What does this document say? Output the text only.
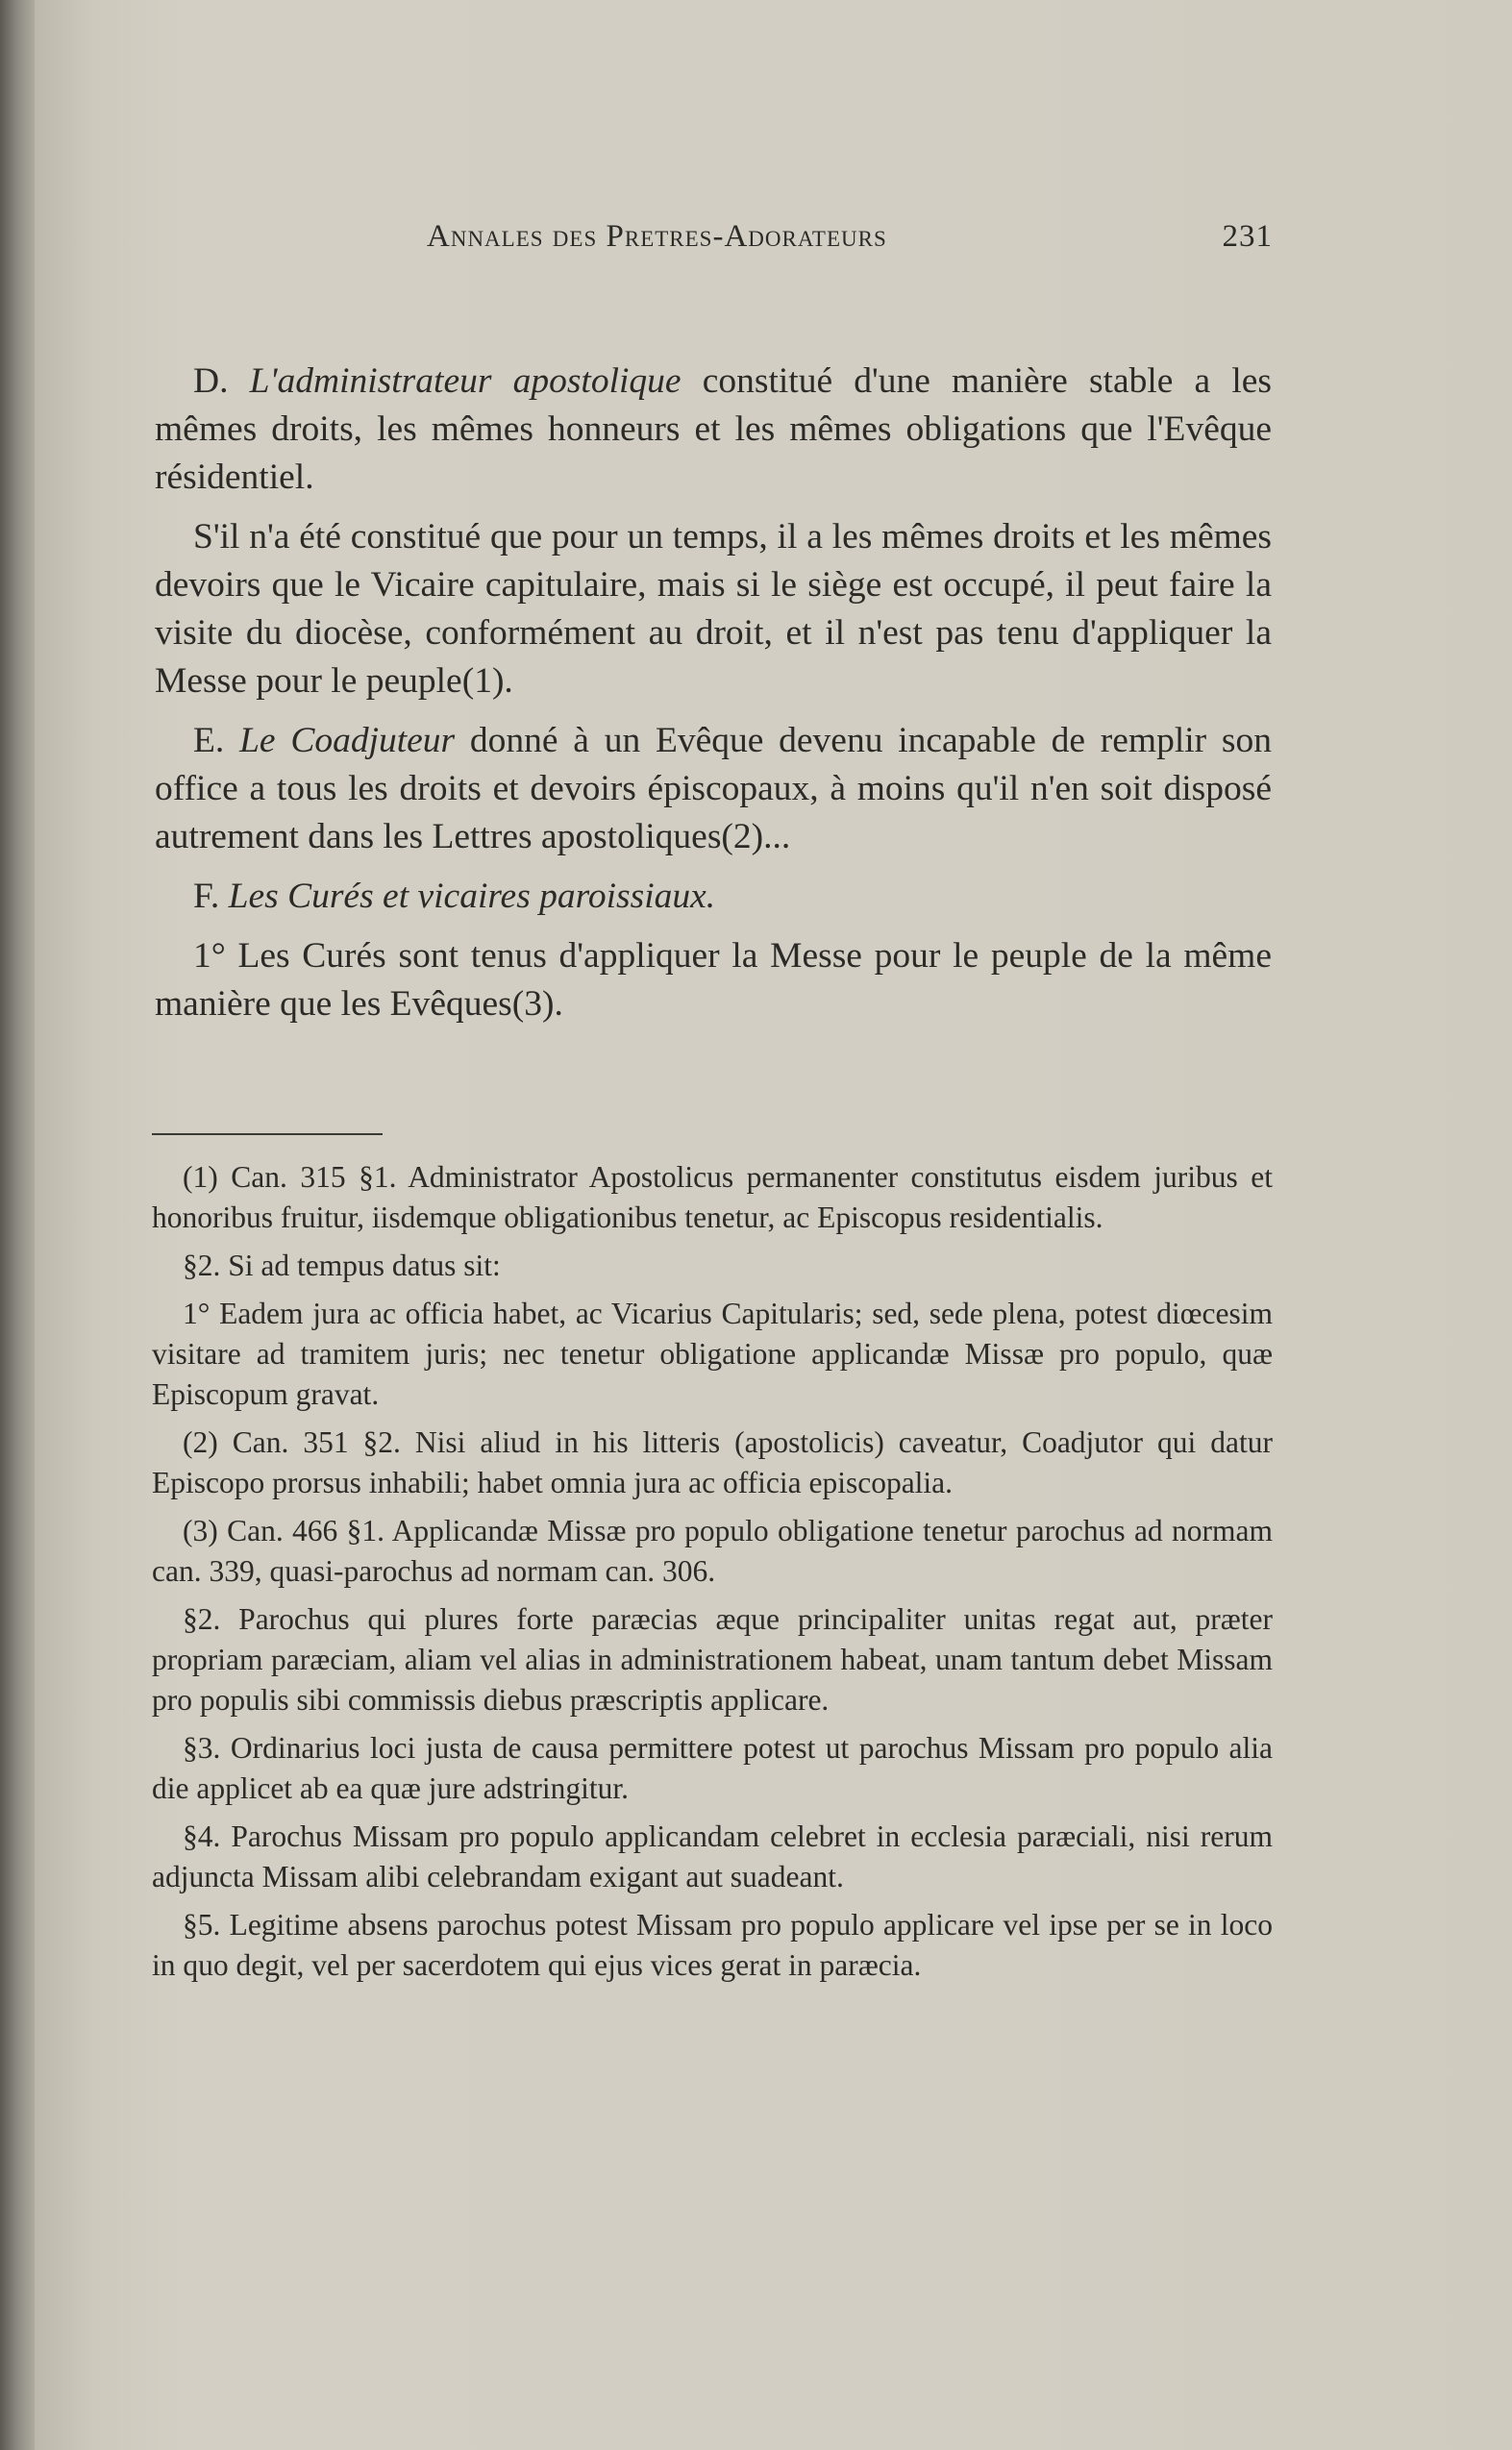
Annales des Pretres-Adorateurs	231

D. L'administrateur apostolique constitué d'une manière stable a les mêmes droits, les mêmes honneurs et les mêmes obligations que l'Evêque résidentiel.

S'il n'a été constitué que pour un temps, il a les mêmes droits et les mêmes devoirs que le Vicaire capitulaire, mais si le siège est occupé, il peut faire la visite du diocèse, conformément au droit, et il n'est pas tenu d'appliquer la Messe pour le peuple(1).

E. Le Coadjuteur donné à un Evêque devenu incapable de remplir son office a tous les droits et devoirs épiscopaux, à moins qu'il n'en soit disposé autrement dans les Lettres apostoliques(2)...

F. Les Curés et vicaires paroissiaux.

1° Les Curés sont tenus d'appliquer la Messe pour le peuple de la même manière que les Evêques(3).

(1) Can. 315 §1. Administrator Apostolicus permanenter constitutus eisdem juribus et honoribus fruitur, iisdemque obligationibus tenetur, ac Episcopus residentialis.

§2. Si ad tempus datus sit:

1° Eadem jura ac officia habet, ac Vicarius Capitularis; sed, sede plena, potest diœcesim visitare ad tramitem juris; nec tenetur obligatione applicandæ Missæ pro populo, quæ Episcopum gravat.

(2) Can. 351 §2. Nisi aliud in his litteris (apostolicis) caveatur, Coadjutor qui datur Episcopo prorsus inhabili; habet omnia jura ac officia episcopalia.

(3) Can. 466 §1. Applicandæ Missæ pro populo obligatione tenetur parochus ad normam can. 339, quasi-parochus ad normam can. 306.

§2. Parochus qui plures forte paræcias æque principaliter unitas regat aut, præter propriam paræciam, aliam vel alias in administrationem habeat, unam tantum debet Missam pro populis sibi commissis diebus præscriptis applicare.

§3. Ordinarius loci justa de causa permittere potest ut parochus Missam pro populo alia die applicet ab ea quæ jure adstringitur.

§4. Parochus Missam pro populo applicandam celebret in ecclesia paræciali, nisi rerum adjuncta Missam alibi celebrandam exigant aut suadeant.

§5. Legitime absens parochus potest Missam pro populo applicare vel ipse per se in loco in quo degit, vel per sacerdotem qui ejus vices gerat in paræcia.
